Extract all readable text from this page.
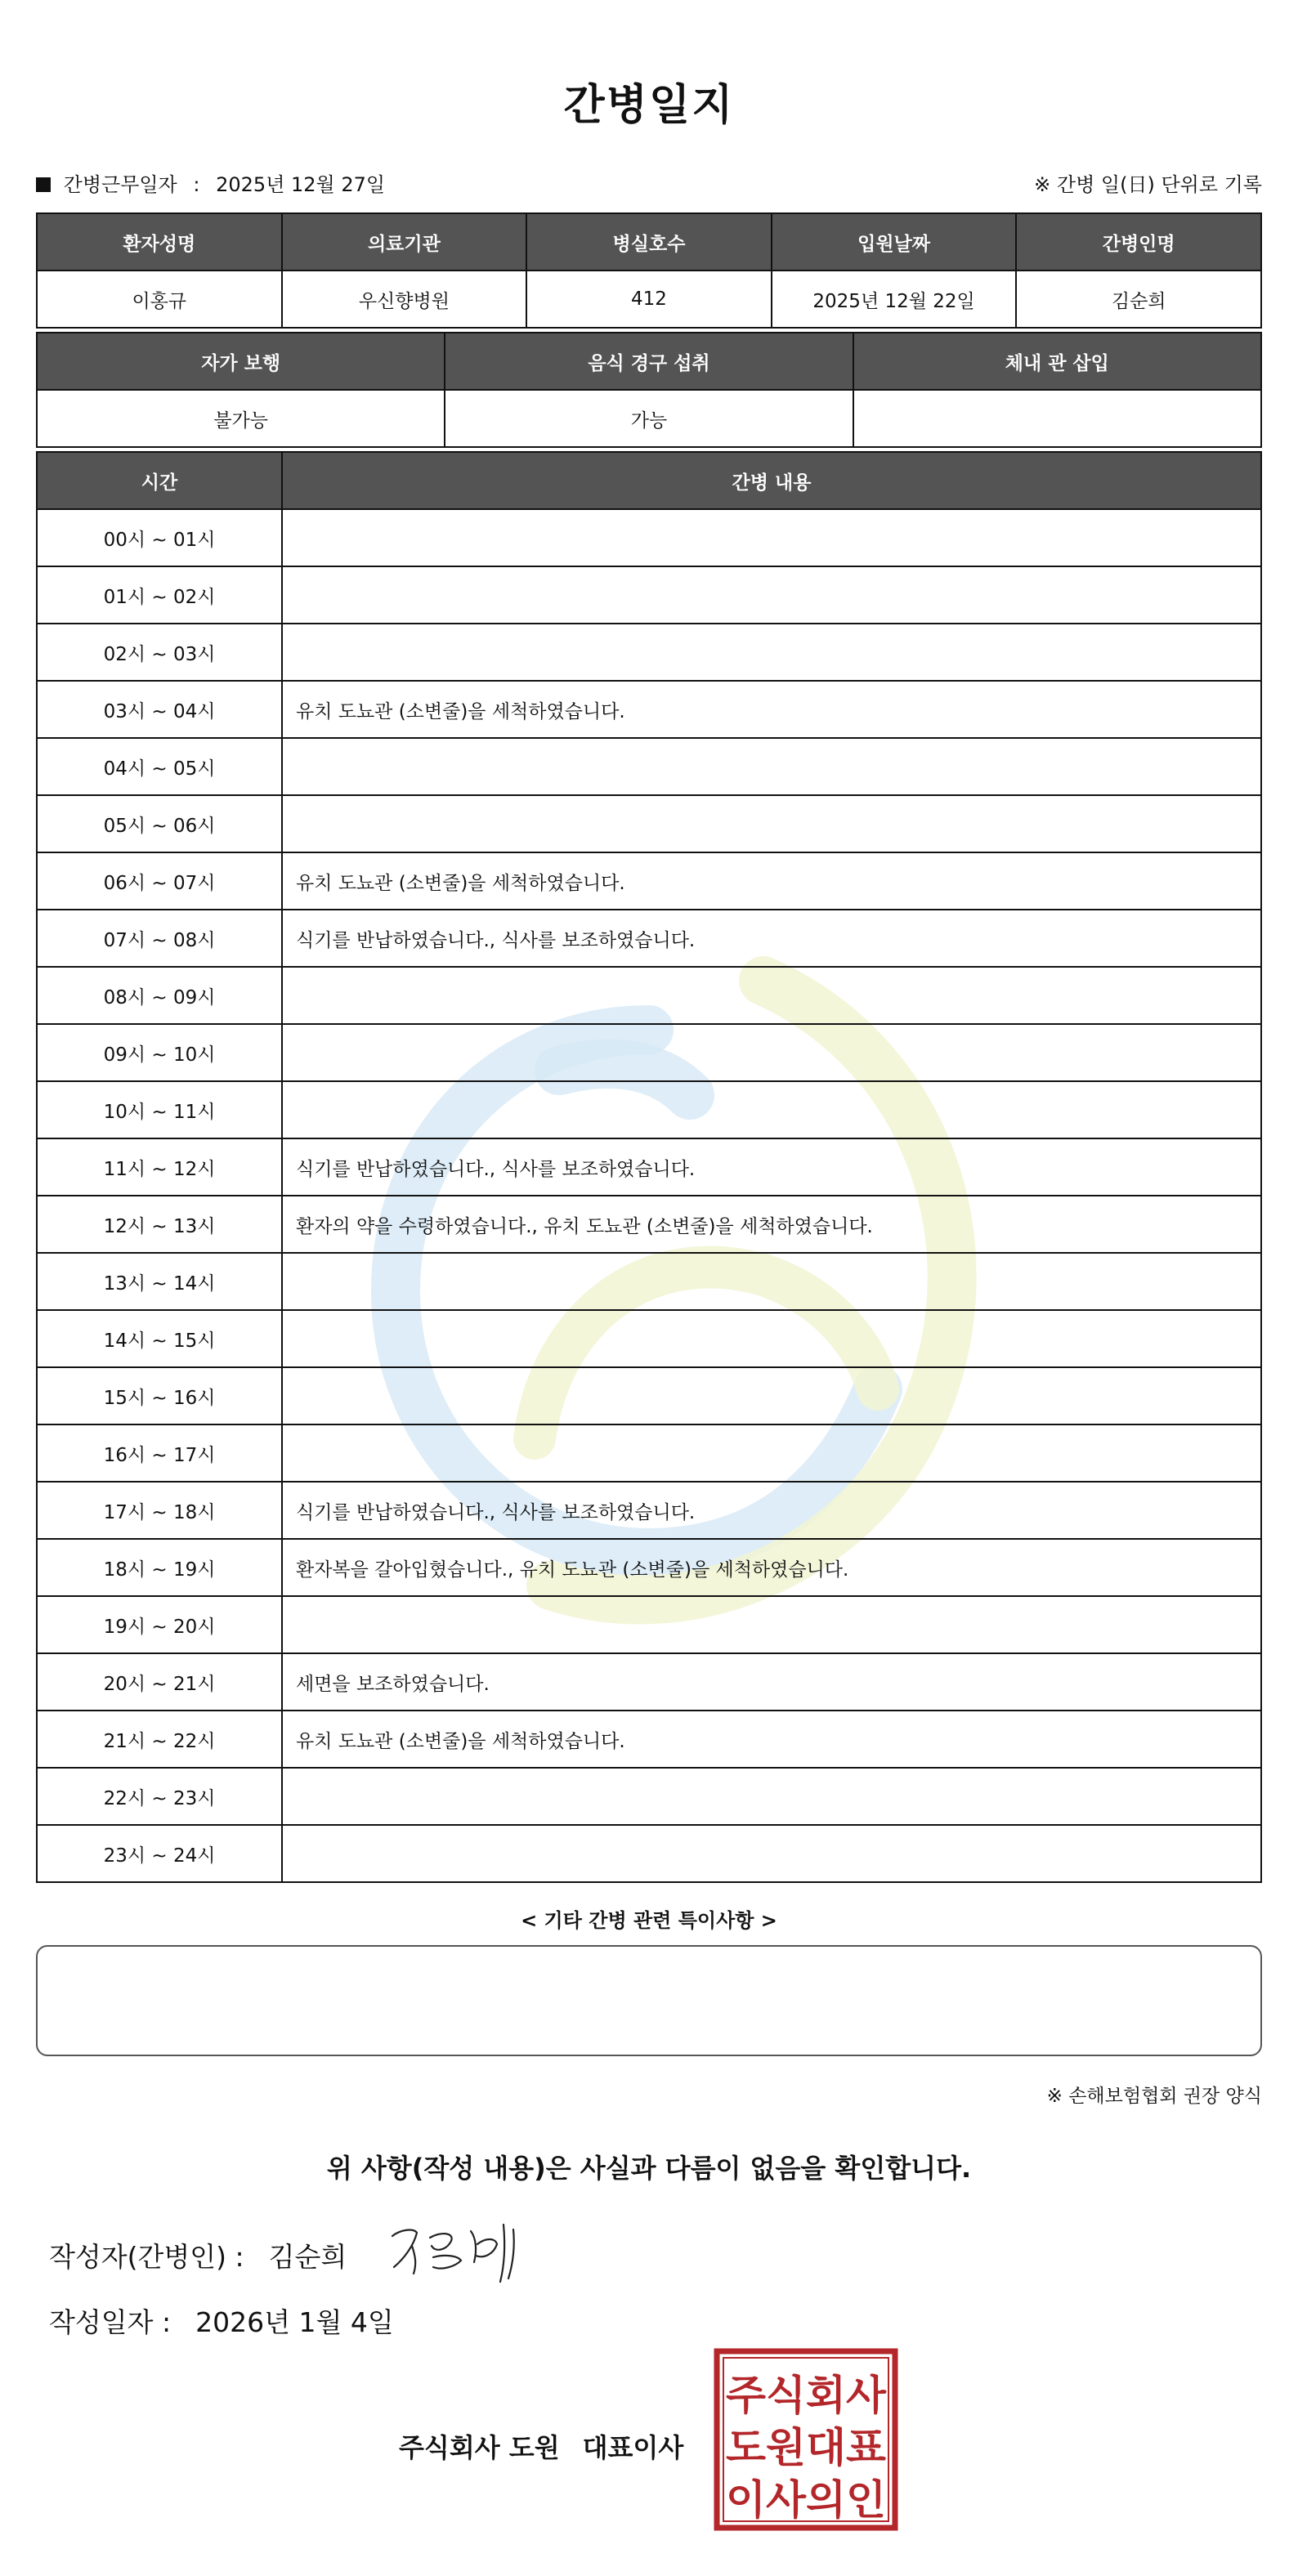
간병일지
간병근무일자 : 2025년 12월 27일	※ 간병 일(日) 단위로 기록
환자성명	의료기관	병실호수	입원날짜	간병인명
이홍규	우신향병원	412	2025년 12월 22일	김순희
자가 보행	음식 경구 섭취	체내 관 삽입
불가능	가능	
시간	간병 내용
00시 ~ 01시	
01시 ~ 02시	
02시 ~ 03시	
03시 ~ 04시	유치 도뇨관 (소변줄)을 세척하였습니다.
04시 ~ 05시	
05시 ~ 06시	
06시 ~ 07시	유치 도뇨관 (소변줄)을 세척하였습니다.
07시 ~ 08시	식기를 반납하였습니다., 식사를 보조하였습니다.
08시 ~ 09시	
09시 ~ 10시	
10시 ~ 11시	
11시 ~ 12시	식기를 반납하였습니다., 식사를 보조하였습니다.
12시 ~ 13시	환자의 약을 수령하였습니다., 유치 도뇨관 (소변줄)을 세척하였습니다.
13시 ~ 14시	
14시 ~ 15시	
15시 ~ 16시	
16시 ~ 17시	
17시 ~ 18시	식기를 반납하였습니다., 식사를 보조하였습니다.
18시 ~ 19시	환자복을 갈아입혔습니다., 유치 도뇨관 (소변줄)을 세척하였습니다.
19시 ~ 20시	
20시 ~ 21시	세면을 보조하였습니다.
21시 ~ 22시	유치 도뇨관 (소변줄)을 세척하였습니다.
22시 ~ 23시	
23시 ~ 24시	
< 기타 간병 관련 특이사항 >
※ 손해보험협회 권장 양식
위 사항(작성 내용)은 사실과 다름이 없음을 확인합니다.
작성자(간병인) : 김순희
작성일자 : 2026년 1월 4일
주식회사 도원 대표이사
주식회사
도원대표
이사의인
